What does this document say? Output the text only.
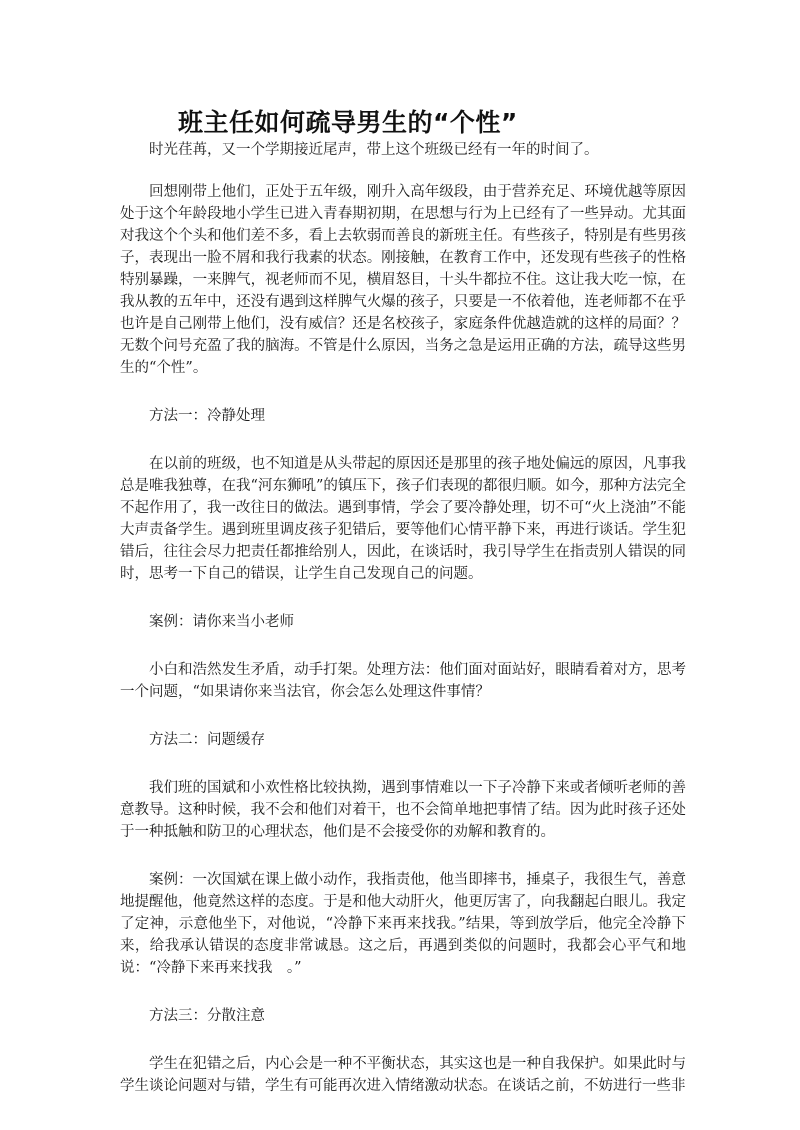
班主任如何疏导男生的“个性”

时光荏苒，又一个学期接近尾声，带上这个班级已经有一年的时间了。

回想刚带上他们，正处于五年级，刚升入高年级段，由于营养充足、环境优越等原因处于这个年龄段地小学生已进入青春期初期，在思想与行为上已经有了一些异动。尤其面对我这个个头和他们差不多，看上去软弱而善良的新班主任。有些孩子，特别是有些男孩子，表现出一脸不屑和我行我素的状态。刚接触，在教育工作中，还发现有些孩子的性格特别暴躁，一来脾气，视老师而不见，横眉怒目，十头牛都拉不住。这让我大吃一惊，在我从教的五年中，还没有遇到这样脾气火爆的孩子，只要是一不依着他，连老师都不在乎也许是自己刚带上他们，没有威信？还是名校孩子，家庭条件优越造就的这样的局面？？无数个问号充盈了我的脑海。不管是什么原因，当务之急是运用正确的方法，疏导这些男生的“个性”。

方法一：冷静处理

在以前的班级，也不知道是从头带起的原因还是那里的孩子地处偏远的原因，凡事我总是唯我独尊，在我“河东狮吼”的镇压下，孩子们表现的都很归顺。如今，那种方法完全不起作用了，我一改往日的做法。遇到事情，学会了要冷静处理，切不可“火上浇油”不能大声责备学生。遇到班里调皮孩子犯错后，要等他们心情平静下来，再进行谈话。学生犯错后，往往会尽力把责任都推给别人，因此，在谈话时，我引导学生在指责别人错误的同时，思考一下自己的错误，让学生自己发现自己的问题。

案例：请你来当小老师

小白和浩然发生矛盾，动手打架。处理方法：他们面对面站好，眼睛看着对方，思考一个问题，“如果请你来当法官，你会怎么处理这件事情？

方法二：问题缓存

我们班的国斌和小欢性格比较执拗，遇到事情难以一下子冷静下来或者倾听老师的善意教导。这种时候，我不会和他们对着干，也不会简单地把事情了结。因为此时孩子还处于一种抵触和防卫的心理状态，他们是不会接受你的劝解和教育的。

案例：一次国斌在课上做小动作，我指责他，他当即摔书，捶桌子，我很生气，善意地提醒他，他竟然这样的态度。于是和他大动肝火，他更厉害了，向我翻起白眼儿。我定了定神，示意他坐下，对他说，“冷静下来再来找我。”结果，等到放学后，他完全冷静下来，给我承认错误的态度非常诚恳。这之后，再遇到类似的问题时，我都会心平气和地说：“冷静下来再来找我　。”

方法三：分散注意

学生在犯错之后，内心会是一种不平衡状态，其实这也是一种自我保护。如果此时与学生谈论问题对与错，学生有可能再次进入情绪激动状态。在谈话之前，不妨进行一些非
